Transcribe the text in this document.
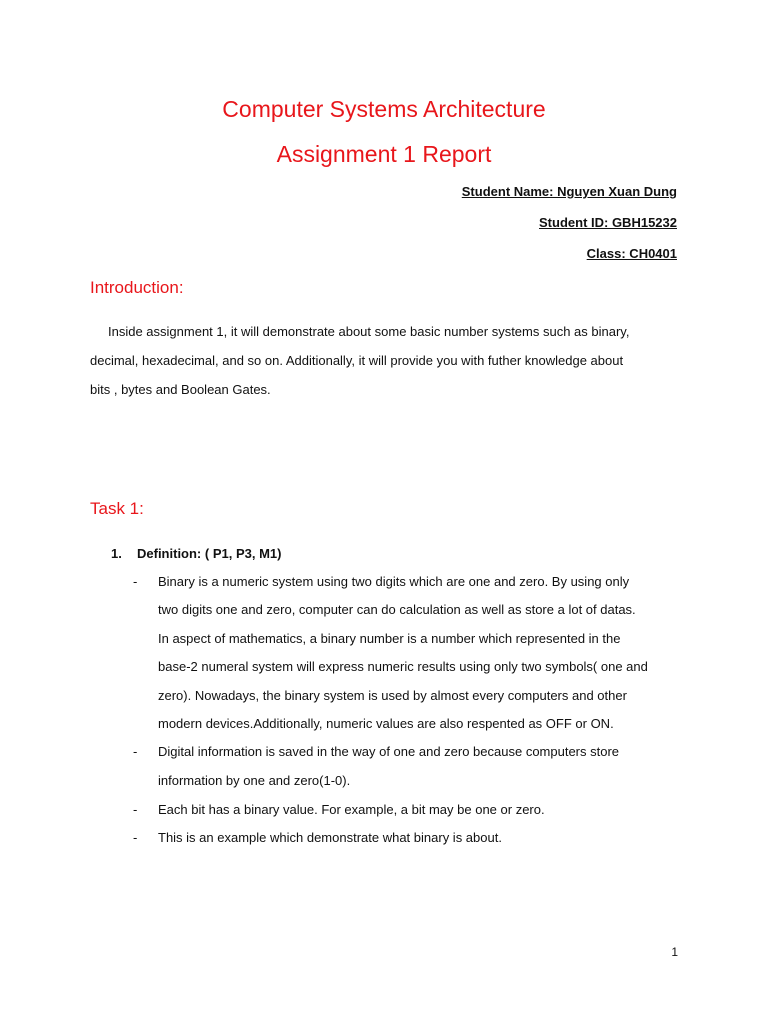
Computer Systems Architecture
Assignment 1 Report
Student Name: Nguyen Xuan Dung
Student ID: GBH15232
Class: CH0401
Introduction:
Inside assignment 1, it will demonstrate about some basic number systems such as binary,
decimal, hexadecimal, and so on. Additionally, it will provide you with futher knowledge about
bits , bytes and Boolean Gates.
Task 1:
1. Definition: ( P1, P3, M1)
- Binary is a numeric system using two digits which are one and zero. By using only
two digits one and zero, computer can do calculation as well as store a lot of datas.
In aspect of mathematics, a binary number is a number which represented in the
base-2 numeral system will express numeric results using only two symbols( one and
zero). Nowadays, the binary system is used by almost every computers and other
modern devices.Additionally, numeric values are also respented as OFF or ON.
- Digital information is saved in the way of one and zero because computers store
information by one and zero(1-0).
- Each bit has a binary value. For example, a bit may be one or zero.
- This is an example which demonstrate what binary is about.
1
